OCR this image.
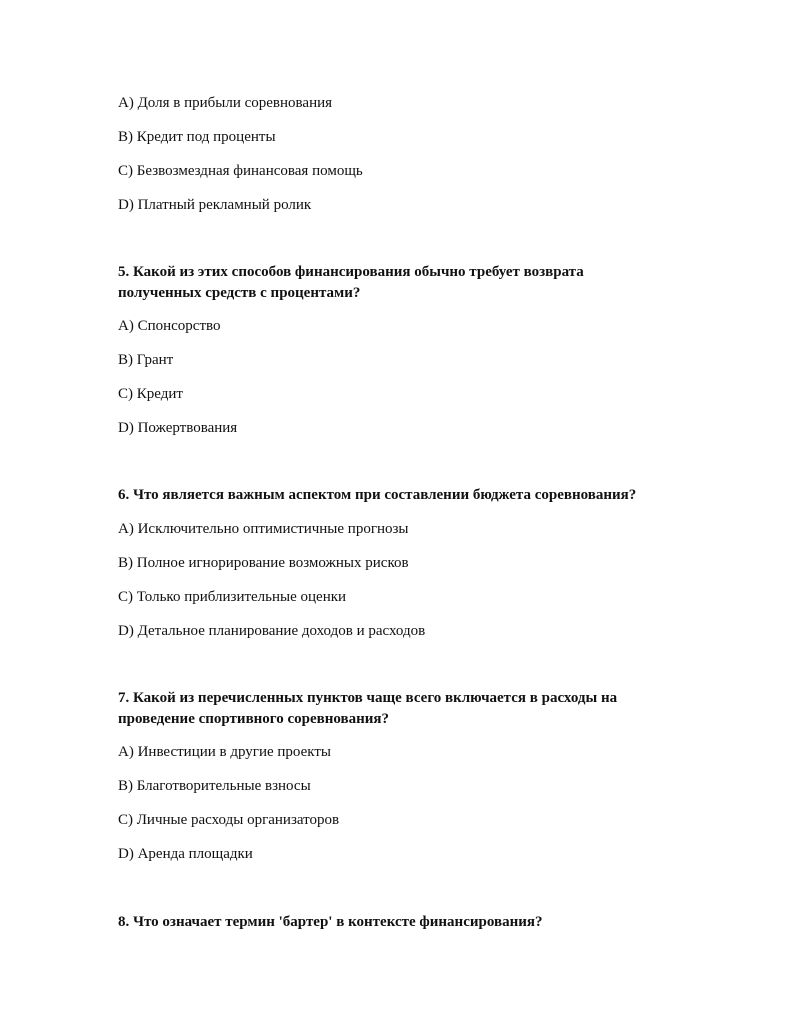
A) Доля в прибыли соревнования
B) Кредит под проценты
C) Безвозмездная финансовая помощь
D) Платный рекламный ролик
5. Какой из этих способов финансирования обычно требует возврата
полученных средств с процентами?
A) Спонсорство
B) Грант
C) Кредит
D) Пожертвования
6. Что является важным аспектом при составлении бюджета соревнования?
A) Исключительно оптимистичные прогнозы
B) Полное игнорирование возможных рисков
C) Только приблизительные оценки
D) Детальное планирование доходов и расходов
7. Какой из перечисленных пунктов чаще всего включается в расходы на
проведение спортивного соревнования?
A) Инвестиции в другие проекты
B) Благотворительные взносы
C) Личные расходы организаторов
D) Аренда площадки
8. Что означает термин 'бартер' в контексте финансирования?
